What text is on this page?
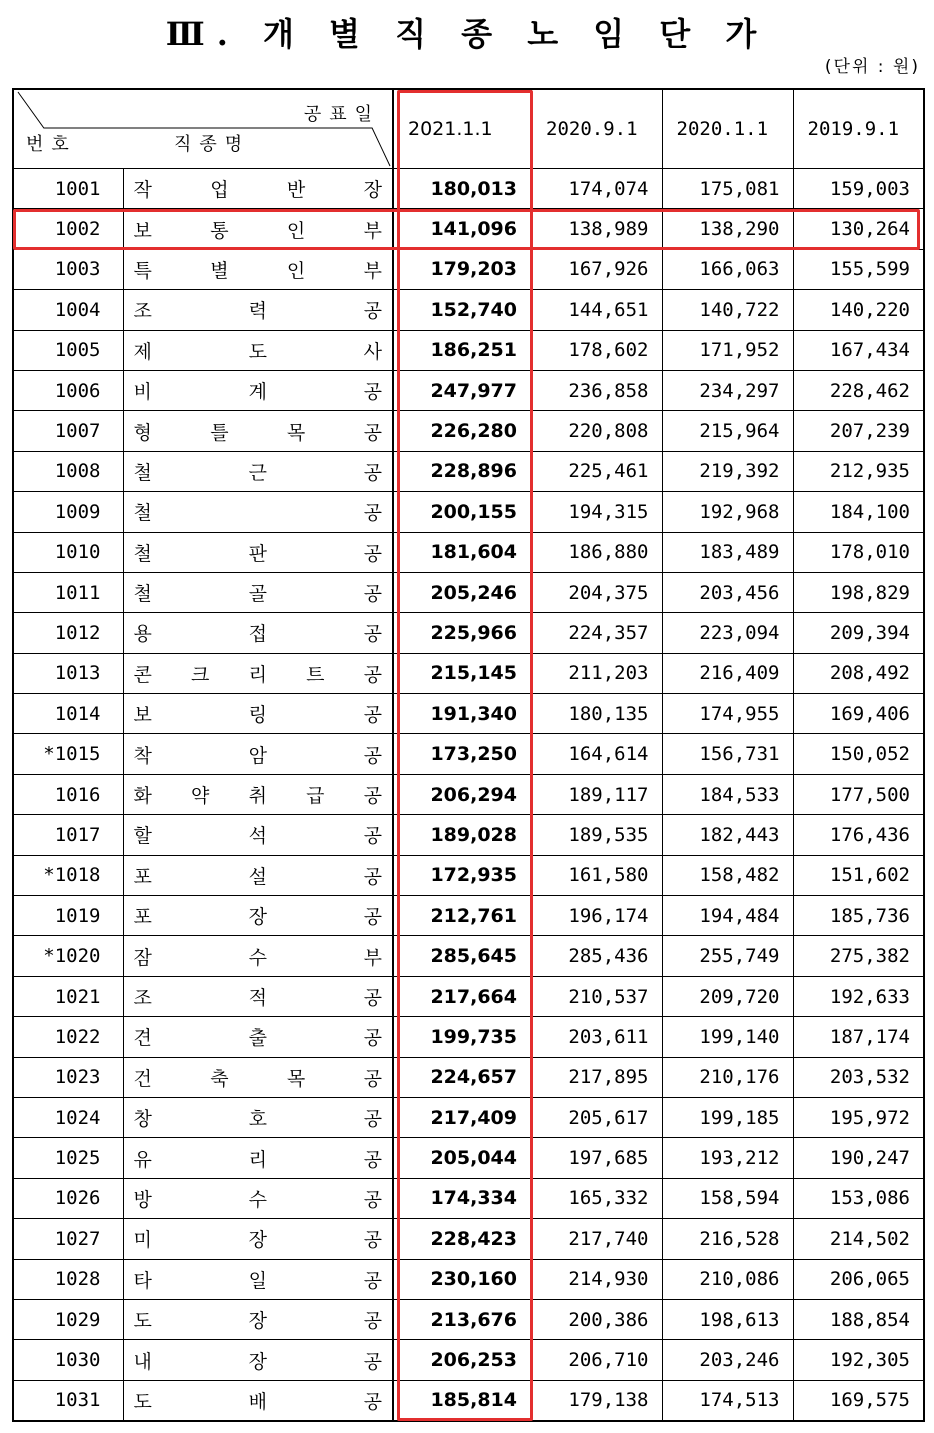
Ⅲ. 개 별 직 종 노 임 단 가
(단위 : 원)
공표일
번호 직종명		2021.1.1	2020.9.1	2020.1.1	2019.9.1
1001	작 업 반 장	180,013	174,074	175,081	159,003
1002	보 통 인 부	141,096	138,989	138,290	130,264
1003	특 별 인 부	179,203	167,926	166,063	155,599
1004	조 력 공	152,740	144,651	140,722	140,220
1005	제 도 사	186,251	178,602	171,952	167,434
1006	비 계 공	247,977	236,858	234,297	228,462
1007	형 틀 목 공	226,280	220,808	215,964	207,239
1008	철 근 공	228,896	225,461	219,392	212,935
1009	철 공	200,155	194,315	192,968	184,100
1010	철 판 공	181,604	186,880	183,489	178,010
1011	철 골 공	205,246	204,375	203,456	198,829
1012	용 접 공	225,966	224,357	223,094	209,394
1013	콘 크 리 트 공	215,145	211,203	216,409	208,492
1014	보 링 공	191,340	180,135	174,955	169,406
*1015	착 암 공	173,250	164,614	156,731	150,052
1016	화 약 취 급 공	206,294	189,117	184,533	177,500
1017	할 석 공	189,028	189,535	182,443	176,436
*1018	포 설 공	172,935	161,580	158,482	151,602
1019	포 장 공	212,761	196,174	194,484	185,736
*1020	잠 수 부	285,645	285,436	255,749	275,382
1021	조 적 공	217,664	210,537	209,720	192,633
1022	견 출 공	199,735	203,611	199,140	187,174
1023	건 축 목 공	224,657	217,895	210,176	203,532
1024	창 호 공	217,409	205,617	199,185	195,972
1025	유 리 공	205,044	197,685	193,212	190,247
1026	방 수 공	174,334	165,332	158,594	153,086
1027	미 장 공	228,423	217,740	216,528	214,502
1028	타 일 공	230,160	214,930	210,086	206,065
1029	도 장 공	213,676	200,386	198,613	188,854
1030	내 장 공	206,253	206,710	203,246	192,305
1031	도 배 공	185,814	179,138	174,513	169,575
